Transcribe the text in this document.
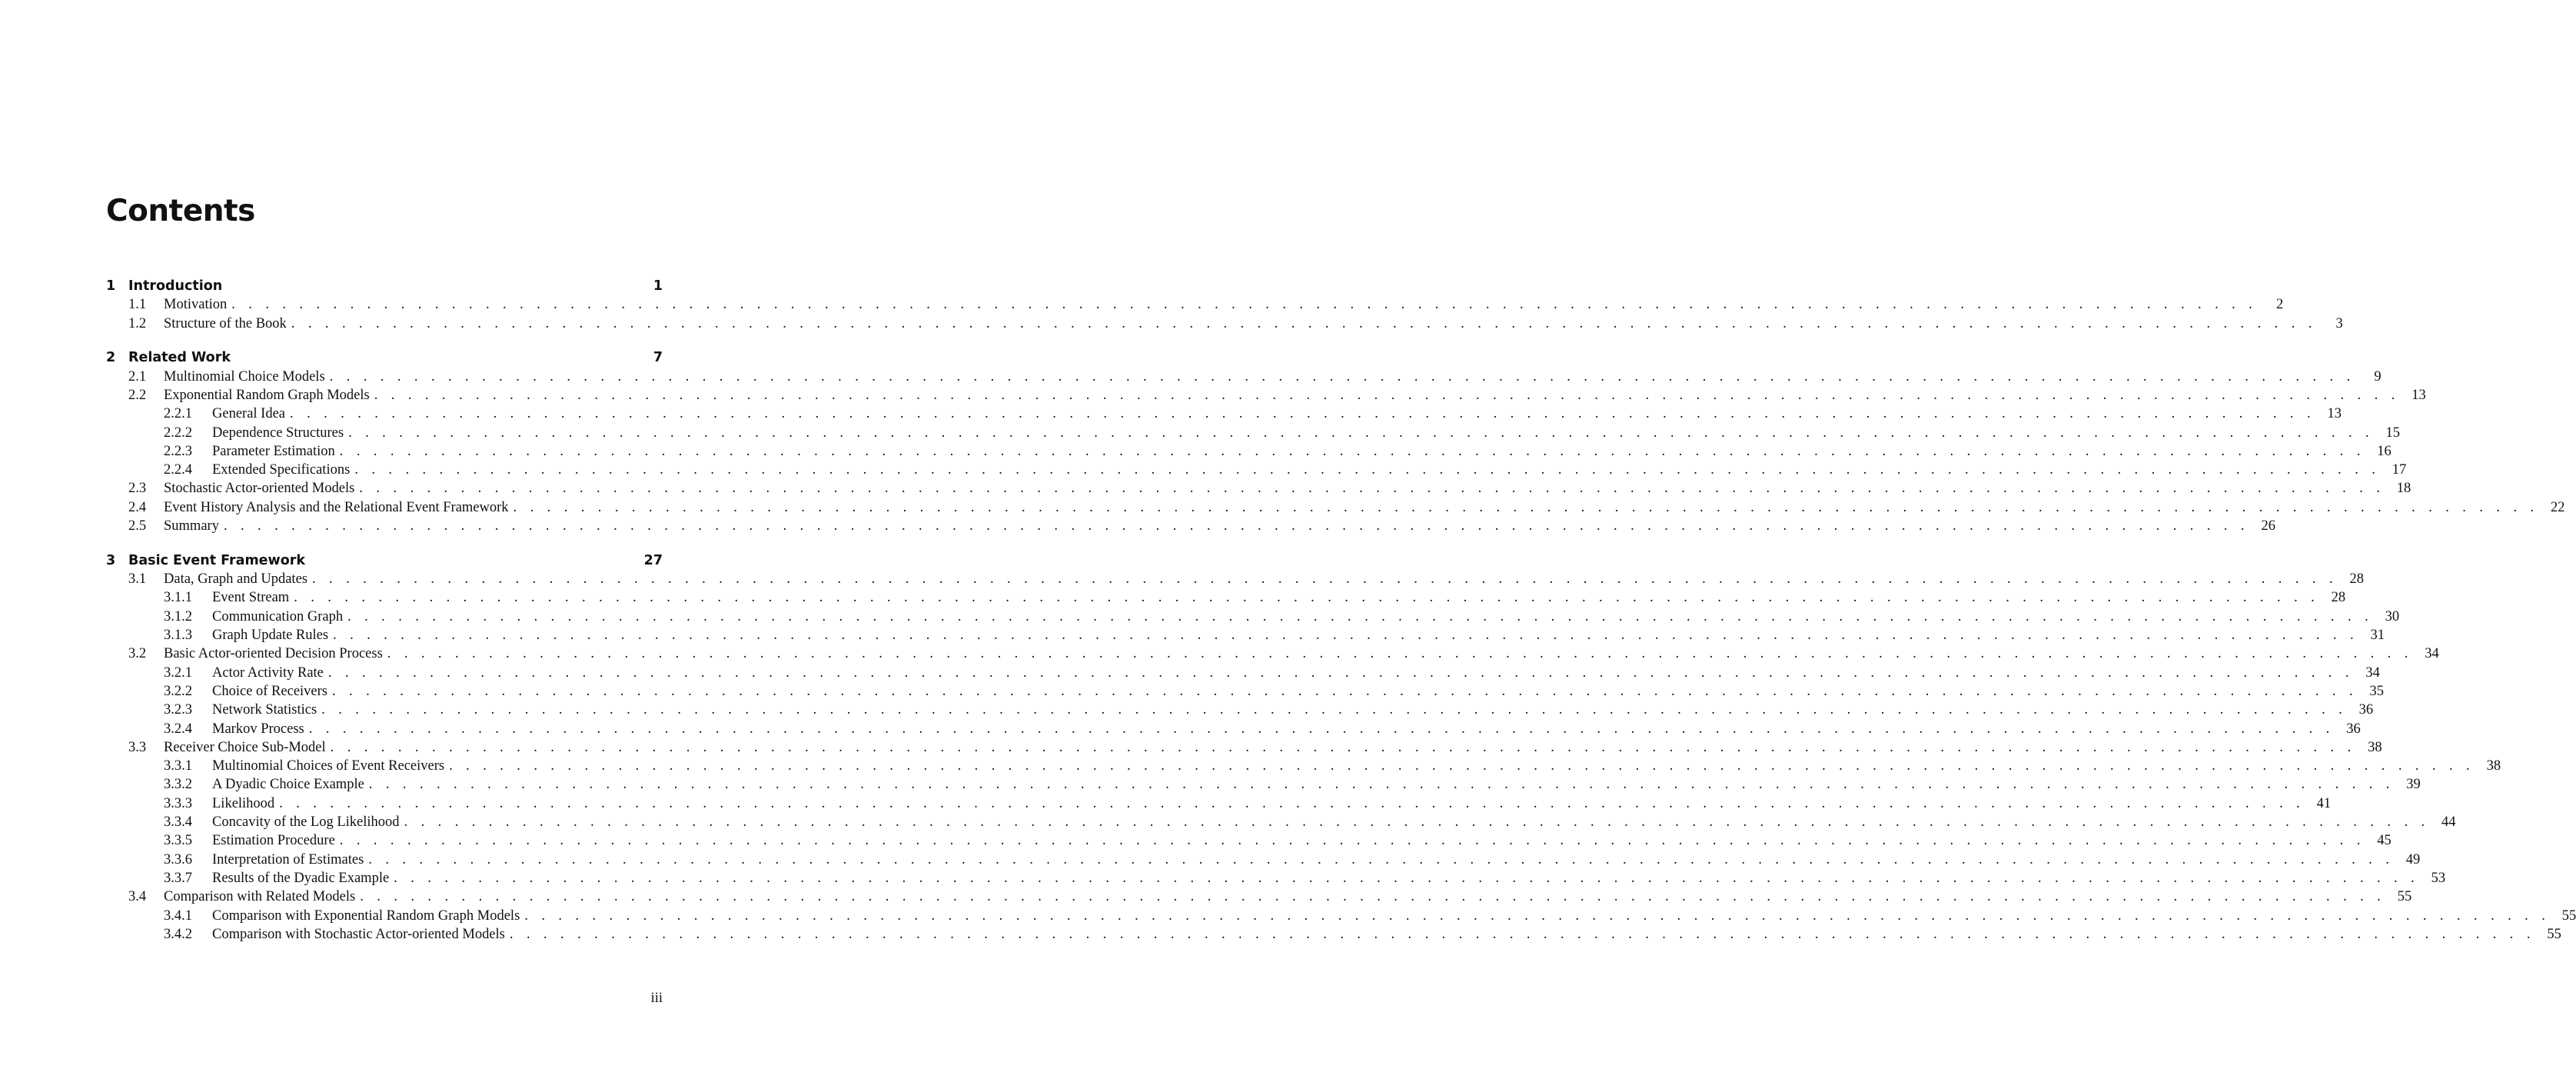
Contents
1 Introduction	1
1.1	Motivation . . . . . . . . . . . . . . . . . . . . . . . . . . . . . . . . . . . . . . . . . . . . . . . . . . . . . . . . . . . . . . . . . . . . . . . . . . . . . . . . . . . . . . . . . . . . . . . . . . . . . . . . . . . . . . . . . . . . . . . .	2
1.2	Structure of the Book . . . . . . . . . . . . . . . . . . . . . . . . . . . . . . . . . . . . . . . . . . . . . . . . . . . . . . . . . . . . . . . . . . . . . . . . . . . . . . . . . . . . . . . . . . . . . . . . . . . . . . . . . . . . . . . . . . . . . . . .	3
2 Related Work	7
2.1	Multinomial Choice Models . . . . . . . . . . . . . . . . . . . . . . . . . . . . . . . . . . . . . . . . . . . . . . . . . . . . . . . . . . . . . . . . . . . . . . . . . . . . . . . . . . . . . . . . . . . . . . . . . . . . . . . . . . . . . . . . . . . . . . . .	9
2.2	Exponential Random Graph Models . . . . . . . . . . . . . . . . . . . . . . . . . . . . . . . . . . . . . . . . . . . . . . . . . . . . . . . . . . . . . . . . . . . . . . . . . . . . . . . . . . . . . . . . . . . . . . . . . . . . . . . . . . . . . . . . . . . . . . . . 13
2.2.1	General Idea . . . . . . . . . . . . . . . . . . . . . . . . . . . . . . . . . . . . . . . . . . . . . . . . . . . . . . . . . . . . . . . . . . . . . . . . . . . . . . . . . . . . . . . . . . . . . . . . . . . . . . . . . . . . . . . . . . . . . . . . 13
2.2.2	Dependence Structures . . . . . . . . . . . . . . . . . . . . . . . . . . . . . . . . . . . . . . . . . . . . . . . . . . . . . . . . . . . . . . . . . . . . . . . . . . . . . . . . . . . . . . . . . . . . . . . . . . . . . . . . . . . . . . . . . . . . . . . . 15
2.2.3	Parameter Estimation . . . . . . . . . . . . . . . . . . . . . . . . . . . . . . . . . . . . . . . . . . . . . . . . . . . . . . . . . . . . . . . . . . . . . . . . . . . . . . . . . . . . . . . . . . . . . . . . . . . . . . . . . . . . . . . . . . . . . . . . 16
2.2.4	Extended Specifications . . . . . . . . . . . . . . . . . . . . . . . . . . . . . . . . . . . . . . . . . . . . . . . . . . . . . . . . . . . . . . . . . . . . . . . . . . . . . . . . . . . . . . . . . . . . . . . . . . . . . . . . . . . . . . . . . . . . . . . . 17
2.3	Stochastic Actor-oriented Models . . . . . . . . . . . . . . . . . . . . . . . . . . . . . . . . . . . . . . . . . . . . . . . . . . . . . . . . . . . . . . . . . . . . . . . . . . . . . . . . . . . . . . . . . . . . . . . . . . . . . . . . . . . . . . . . . . . . . . . . 18
2.4	Event History Analysis and the Relational Event Framework . . . . . . . . . . . . . . . . . . . . . . . . . . . . . . . . . . . . . . . . . . . . . . . . . . . . . . . . . . . . . . . . . . . . . . . . . . . . . . . . . . . . . . . . . . . . . . . . . . . . . . . . . . . . . . . . . . . . . . . . 22
2.5	Summary . . . . . . . . . . . . . . . . . . . . . . . . . . . . . . . . . . . . . . . . . . . . . . . . . . . . . . . . . . . . . . . . . . . . . . . . . . . . . . . . . . . . . . . . . . . . . . . . . . . . . . . . . . . . . . . . . . . . . . . . 26
3 Basic Event Framework	27
3.1	Data, Graph and Updates . . . . . . . . . . . . . . . . . . . . . . . . . . . . . . . . . . . . . . . . . . . . . . . . . . . . . . . . . . . . . . . . . . . . . . . . . . . . . . . . . . . . . . . . . . . . . . . . . . . . . . . . . . . . . . . . . . . . . . . . 28
3.1.1	Event Stream . . . . . . . . . . . . . . . . . . . . . . . . . . . . . . . . . . . . . . . . . . . . . . . . . . . . . . . . . . . . . . . . . . . . . . . . . . . . . . . . . . . . . . . . . . . . . . . . . . . . . . . . . . . . . . . . . . . . . . . . 28
3.1.2	Communication Graph . . . . . . . . . . . . . . . . . . . . . . . . . . . . . . . . . . . . . . . . . . . . . . . . . . . . . . . . . . . . . . . . . . . . . . . . . . . . . . . . . . . . . . . . . . . . . . . . . . . . . . . . . . . . . . . . . . . . . . . . 30
3.1.3	Graph Update Rules . . . . . . . . . . . . . . . . . . . . . . . . . . . . . . . . . . . . . . . . . . . . . . . . . . . . . . . . . . . . . . . . . . . . . . . . . . . . . . . . . . . . . . . . . . . . . . . . . . . . . . . . . . . . . . . . . . . . . . . . 31
3.2	Basic Actor-oriented Decision Process . . . . . . . . . . . . . . . . . . . . . . . . . . . . . . . . . . . . . . . . . . . . . . . . . . . . . . . . . . . . . . . . . . . . . . . . . . . . . . . . . . . . . . . . . . . . . . . . . . . . . . . . . . . . . . . . . . . . . . . . 34
3.2.1	Actor Activity Rate . . . . . . . . . . . . . . . . . . . . . . . . . . . . . . . . . . . . . . . . . . . . . . . . . . . . . . . . . . . . . . . . . . . . . . . . . . . . . . . . . . . . . . . . . . . . . . . . . . . . . . . . . . . . . . . . . . . . . . . . 34
3.2.2	Choice of Receivers . . . . . . . . . . . . . . . . . . . . . . . . . . . . . . . . . . . . . . . . . . . . . . . . . . . . . . . . . . . . . . . . . . . . . . . . . . . . . . . . . . . . . . . . . . . . . . . . . . . . . . . . . . . . . . . . . . . . . . . . 35
3.2.3	Network Statistics . . . . . . . . . . . . . . . . . . . . . . . . . . . . . . . . . . . . . . . . . . . . . . . . . . . . . . . . . . . . . . . . . . . . . . . . . . . . . . . . . . . . . . . . . . . . . . . . . . . . . . . . . . . . . . . . . . . . . . . . 36
3.2.4	Markov Process . . . . . . . . . . . . . . . . . . . . . . . . . . . . . . . . . . . . . . . . . . . . . . . . . . . . . . . . . . . . . . . . . . . . . . . . . . . . . . . . . . . . . . . . . . . . . . . . . . . . . . . . . . . . . . . . . . . . . . . . 36
3.3	Receiver Choice Sub-Model . . . . . . . . . . . . . . . . . . . . . . . . . . . . . . . . . . . . . . . . . . . . . . . . . . . . . . . . . . . . . . . . . . . . . . . . . . . . . . . . . . . . . . . . . . . . . . . . . . . . . . . . . . . . . . . . . . . . . . . . 38
3.3.1	Multinomial Choices of Event Receivers . . . . . . . . . . . . . . . . . . . . . . . . . . . . . . . . . . . . . . . . . . . . . . . . . . . . . . . . . . . . . . . . . . . . . . . . . . . . . . . . . . . . . . . . . . . . . . . . . . . . . . . . . . . . . . . . . . . . . . . . 38
3.3.2	A Dyadic Choice Example . . . . . . . . . . . . . . . . . . . . . . . . . . . . . . . . . . . . . . . . . . . . . . . . . . . . . . . . . . . . . . . . . . . . . . . . . . . . . . . . . . . . . . . . . . . . . . . . . . . . . . . . . . . . . . . . . . . . . . . . 39
3.3.3	Likelihood . . . . . . . . . . . . . . . . . . . . . . . . . . . . . . . . . . . . . . . . . . . . . . . . . . . . . . . . . . . . . . . . . . . . . . . . . . . . . . . . . . . . . . . . . . . . . . . . . . . . . . . . . . . . . . . . . . . . . . . . 41
3.3.4	Concavity of the Log Likelihood . . . . . . . . . . . . . . . . . . . . . . . . . . . . . . . . . . . . . . . . . . . . . . . . . . . . . . . . . . . . . . . . . . . . . . . . . . . . . . . . . . . . . . . . . . . . . . . . . . . . . . . . . . . . . . . . . . . . . . . . 44
3.3.5	Estimation Procedure . . . . . . . . . . . . . . . . . . . . . . . . . . . . . . . . . . . . . . . . . . . . . . . . . . . . . . . . . . . . . . . . . . . . . . . . . . . . . . . . . . . . . . . . . . . . . . . . . . . . . . . . . . . . . . . . . . . . . . . . 45
3.3.6	Interpretation of Estimates . . . . . . . . . . . . . . . . . . . . . . . . . . . . . . . . . . . . . . . . . . . . . . . . . . . . . . . . . . . . . . . . . . . . . . . . . . . . . . . . . . . . . . . . . . . . . . . . . . . . . . . . . . . . . . . . . . . . . . . . 49
3.3.7	Results of the Dyadic Example . . . . . . . . . . . . . . . . . . . . . . . . . . . . . . . . . . . . . . . . . . . . . . . . . . . . . . . . . . . . . . . . . . . . . . . . . . . . . . . . . . . . . . . . . . . . . . . . . . . . . . . . . . . . . . . . . . . . . . . . 53
3.4	Comparison with Related Models . . . . . . . . . . . . . . . . . . . . . . . . . . . . . . . . . . . . . . . . . . . . . . . . . . . . . . . . . . . . . . . . . . . . . . . . . . . . . . . . . . . . . . . . . . . . . . . . . . . . . . . . . . . . . . . . . . . . . . . . 55
3.4.1	Comparison with Exponential Random Graph Models . . . . . . . . . . . . . . . . . . . . . . . . . . . . . . . . . . . . . . . . . . . . . . . . . . . . . . . . . . . . . . . . . . . . . . . . . . . . . . . . . . . . . . . . . . . . . . . . . . . . . . . . . . . . . . . . . . . . . . . . 55
3.4.2	Comparison with Stochastic Actor-oriented Models . . . . . . . . . . . . . . . . . . . . . . . . . . . . . . . . . . . . . . . . . . . . . . . . . . . . . . . . . . . . . . . . . . . . . . . . . . . . . . . . . . . . . . . . . . . . . . . . . . . . . . . . . . . . . . . . . . . . . . . . 55
iii
